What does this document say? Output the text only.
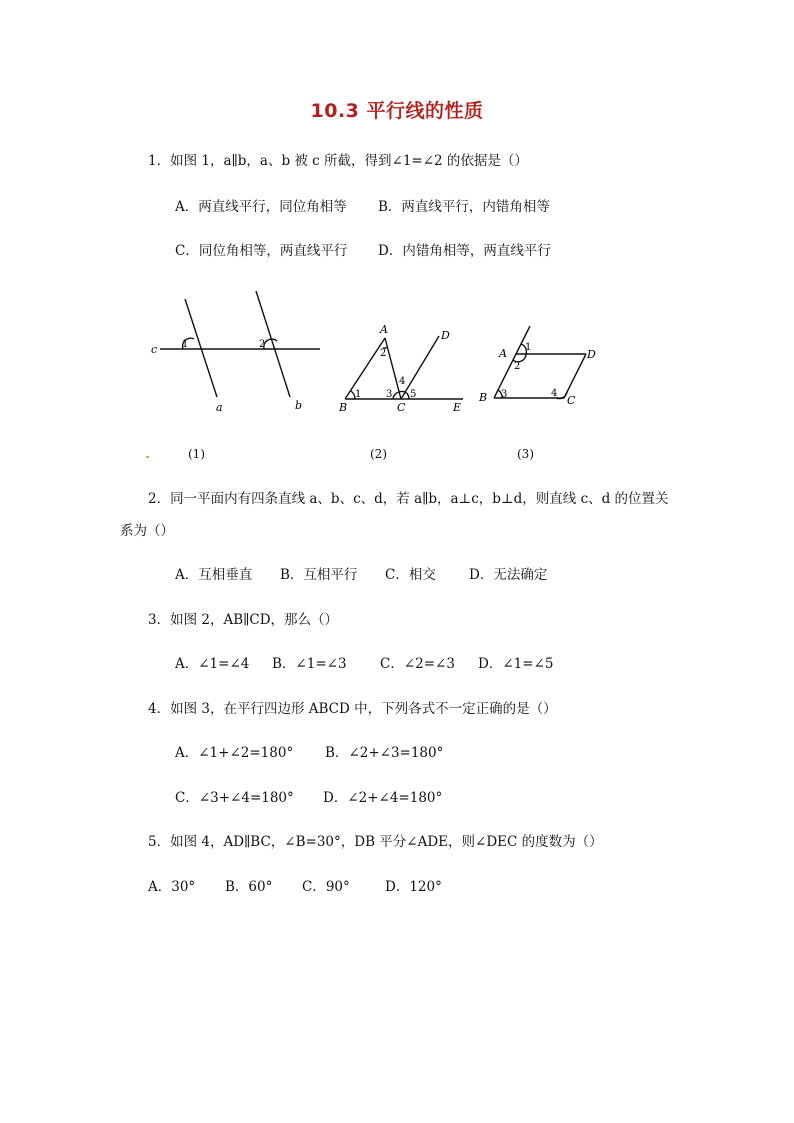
10.3 平行线的性质
1．如图 1，a∥b，a、b 被 c 所截，得到∠1=∠2 的依据是（）
A．两直线平行，同位角相等 B．两直线平行，内错角相等
C．同位角相等，两直线平行 D．内错角相等，两直线平行
c
a	b
1	2
A
B	C
D
E
1
2
3
4
5
A
B	C
D
1
2
3	4
(1)	(2)	(3)
2．同一平面内有四条直线 a、b、c、d，若 a∥b，a⊥c，b⊥d，则直线 c、d 的位置关
系为（）
A．互相垂直 B．互相平行 C．相交 D．无法确定
3．如图 2，AB∥CD，那么（）
A．∠1=∠4 B．∠1=∠3 C．∠2=∠3 D．∠1=∠5
4．如图 3，在平行四边形 ABCD 中，下列各式不一定正确的是（）
A．∠1+∠2=180° B．∠2+∠3=180°
C．∠3+∠4=180° D．∠2+∠4=180°
5．如图 4，AD∥BC，∠B=30°，DB 平分∠ADE，则∠DEC 的度数为（）
A．30° B．60° C．90°	D．120°
